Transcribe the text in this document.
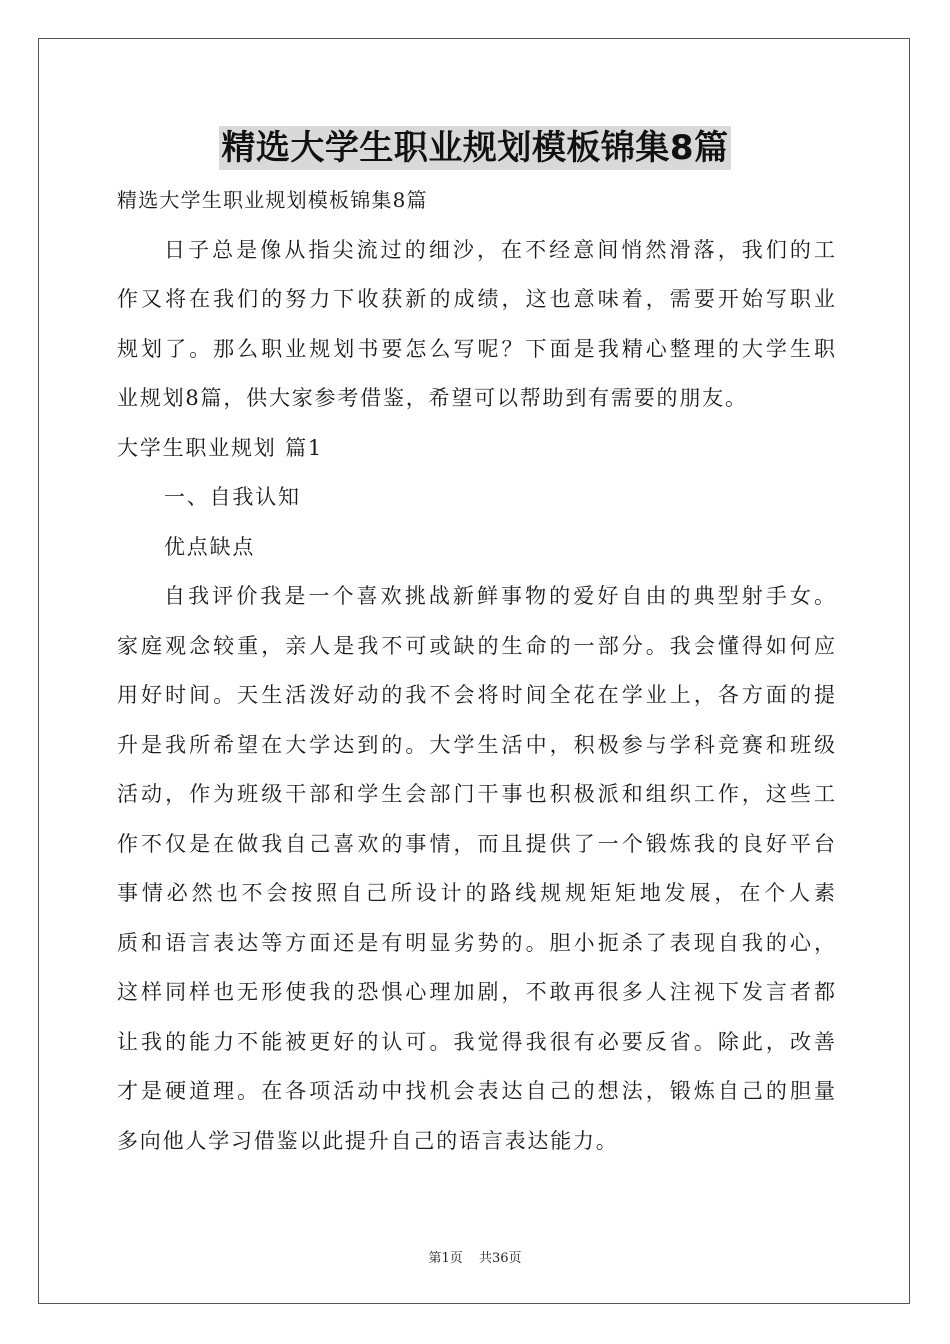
精选大学生职业规划模板锦集8篇
精选大学生职业规划模板锦集8篇
日子总是像从指尖流过的细沙，在不经意间悄然滑落，我们的工
作又将在我们的努力下收获新的成绩，这也意味着，需要开始写职业
规划了。那么职业规划书要怎么写呢？下面是我精心整理的大学生职
业规划8篇，供大家参考借鉴，希望可以帮助到有需要的朋友。
大学生职业规划 篇1
一、自我认知
优点缺点
自我评价我是一个喜欢挑战新鲜事物的爱好自由的典型射手女。
家庭观念较重，亲人是我不可或缺的生命的一部分。我会懂得如何应
用好时间。天生活泼好动的我不会将时间全花在学业上，各方面的提
升是我所希望在大学达到的。大学生活中，积极参与学科竞赛和班级
活动，作为班级干部和学生会部门干事也积极派和组织工作，这些工
作不仅是在做我自己喜欢的事情，而且提供了一个锻炼我的良好平台
事情必然也不会按照自己所设计的路线规规矩矩地发展，在个人素
质和语言表达等方面还是有明显劣势的。胆小扼杀了表现自我的心，
这样同样也无形使我的恐惧心理加剧，不敢再很多人注视下发言者都
让我的能力不能被更好的认可。我觉得我很有必要反省。除此，改善
才是硬道理。在各项活动中找机会表达自己的想法，锻炼自己的胆量
多向他人学习借鉴以此提升自己的语言表达能力。
第1页 共36页
